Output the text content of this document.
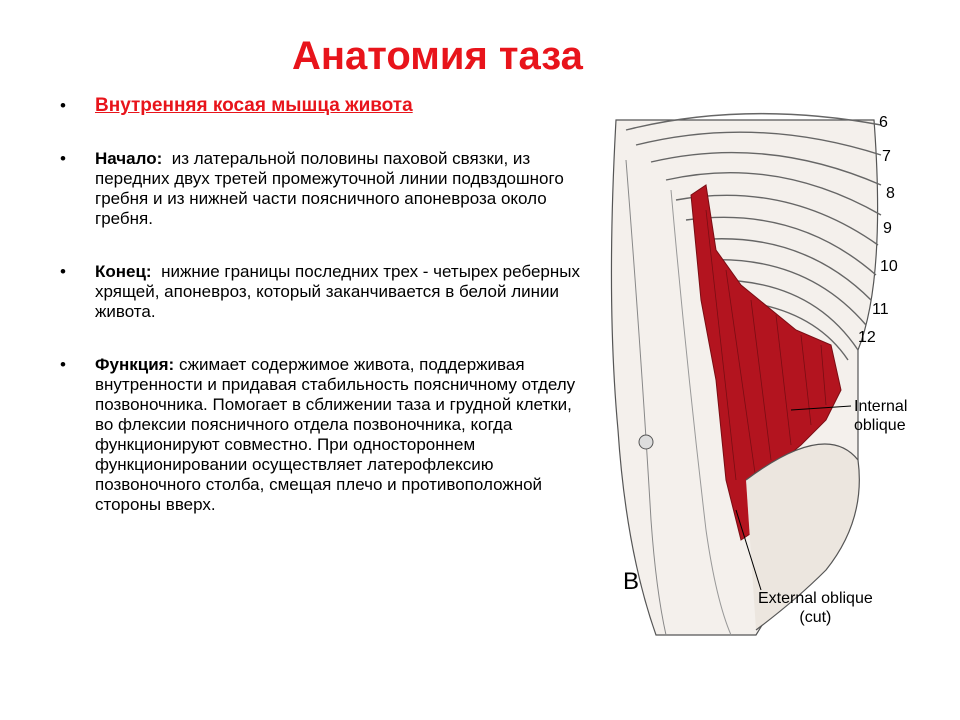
Анатомия таза
• Внутренняя косая мышца живота
• Начало: из латеральной половины паховой связки, из передних двух третей промежуточной линии подвздошного гребня и из нижней части поясничного апоневроза около гребня.
• Конец: нижние границы последних трех - четырех реберных хрящей, апоневроз, который заканчивается в белой линии живота.
• Функция: сжимает содержимое живота, поддерживая внутренности и придавая стабильность поясничному отделу позвоночника. Помогает в сближении таза и грудной клетки, во флексии поясничного отдела позвоночника, когда функционируют совместно. При одностороннем функционировании осуществляет латерофлексию позвоночного столба, смещая плечо и противоположной стороны вверх.
6
7
8
9
10
11
12
Internal
oblique
External oblique
(cut)
B
